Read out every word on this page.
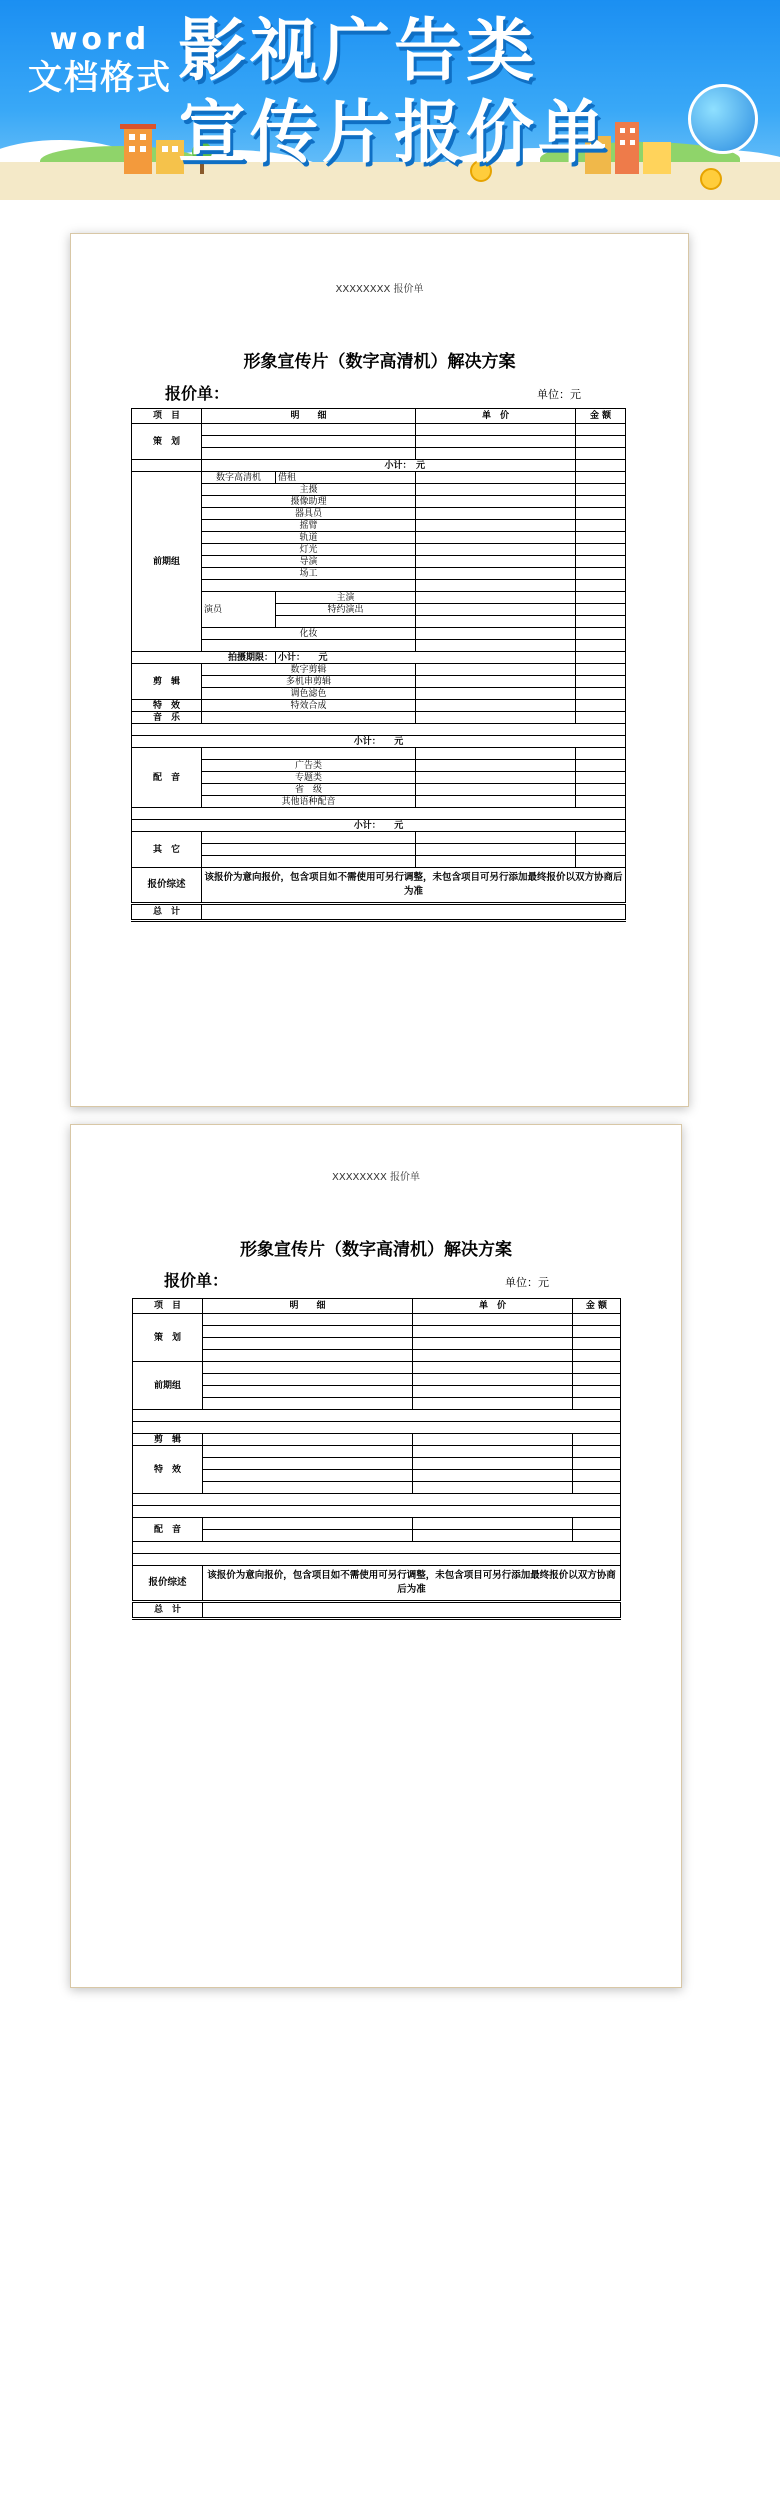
word
文档格式 影视广告类
宣传片报价单
XXXXXXXX 报价单
形象宣传片（数字高清机）解决方案
报价单：	单位：元
项　目	明　　细		单　价	金 额
策　划				

	小计：　元			
前期组	数字高清机	借租		
	主摄			
	摄像助理			
	器具员			
	摇臂			
	轨道			
	灯光			
	导演			
	场工			

	演员	主演		
		特约演出		

	化妆			

拍摄期限：		小计：　　元		
剪　辑	数字剪辑			
	多机串剪辑			
	调色滤色			
特　效	特效合成			
音　乐				

小计：　　元				
配　音				
	广告类			
	专题类			
	省　级			
	其他语种配音			

小计：　　元				
其　它				

报价综述	该报价为意向报价，包含项目如不需使用可另行调整，未包含项目可另行添加最终报价以双方协商后为准			
总　计				
XXXXXXXX 报价单
形象宣传片（数字高清机）解决方案
报价单：	单位：元
项　目	明　　细	单　价	金 额
策　划			

前期组			

剪　辑			
特　效			

配　音			

报价综述	该报价为意向报价，包含项目如不需使用可另行调整，未包含项目可另行添加最终报价以双方协商后为准		
总　计			
